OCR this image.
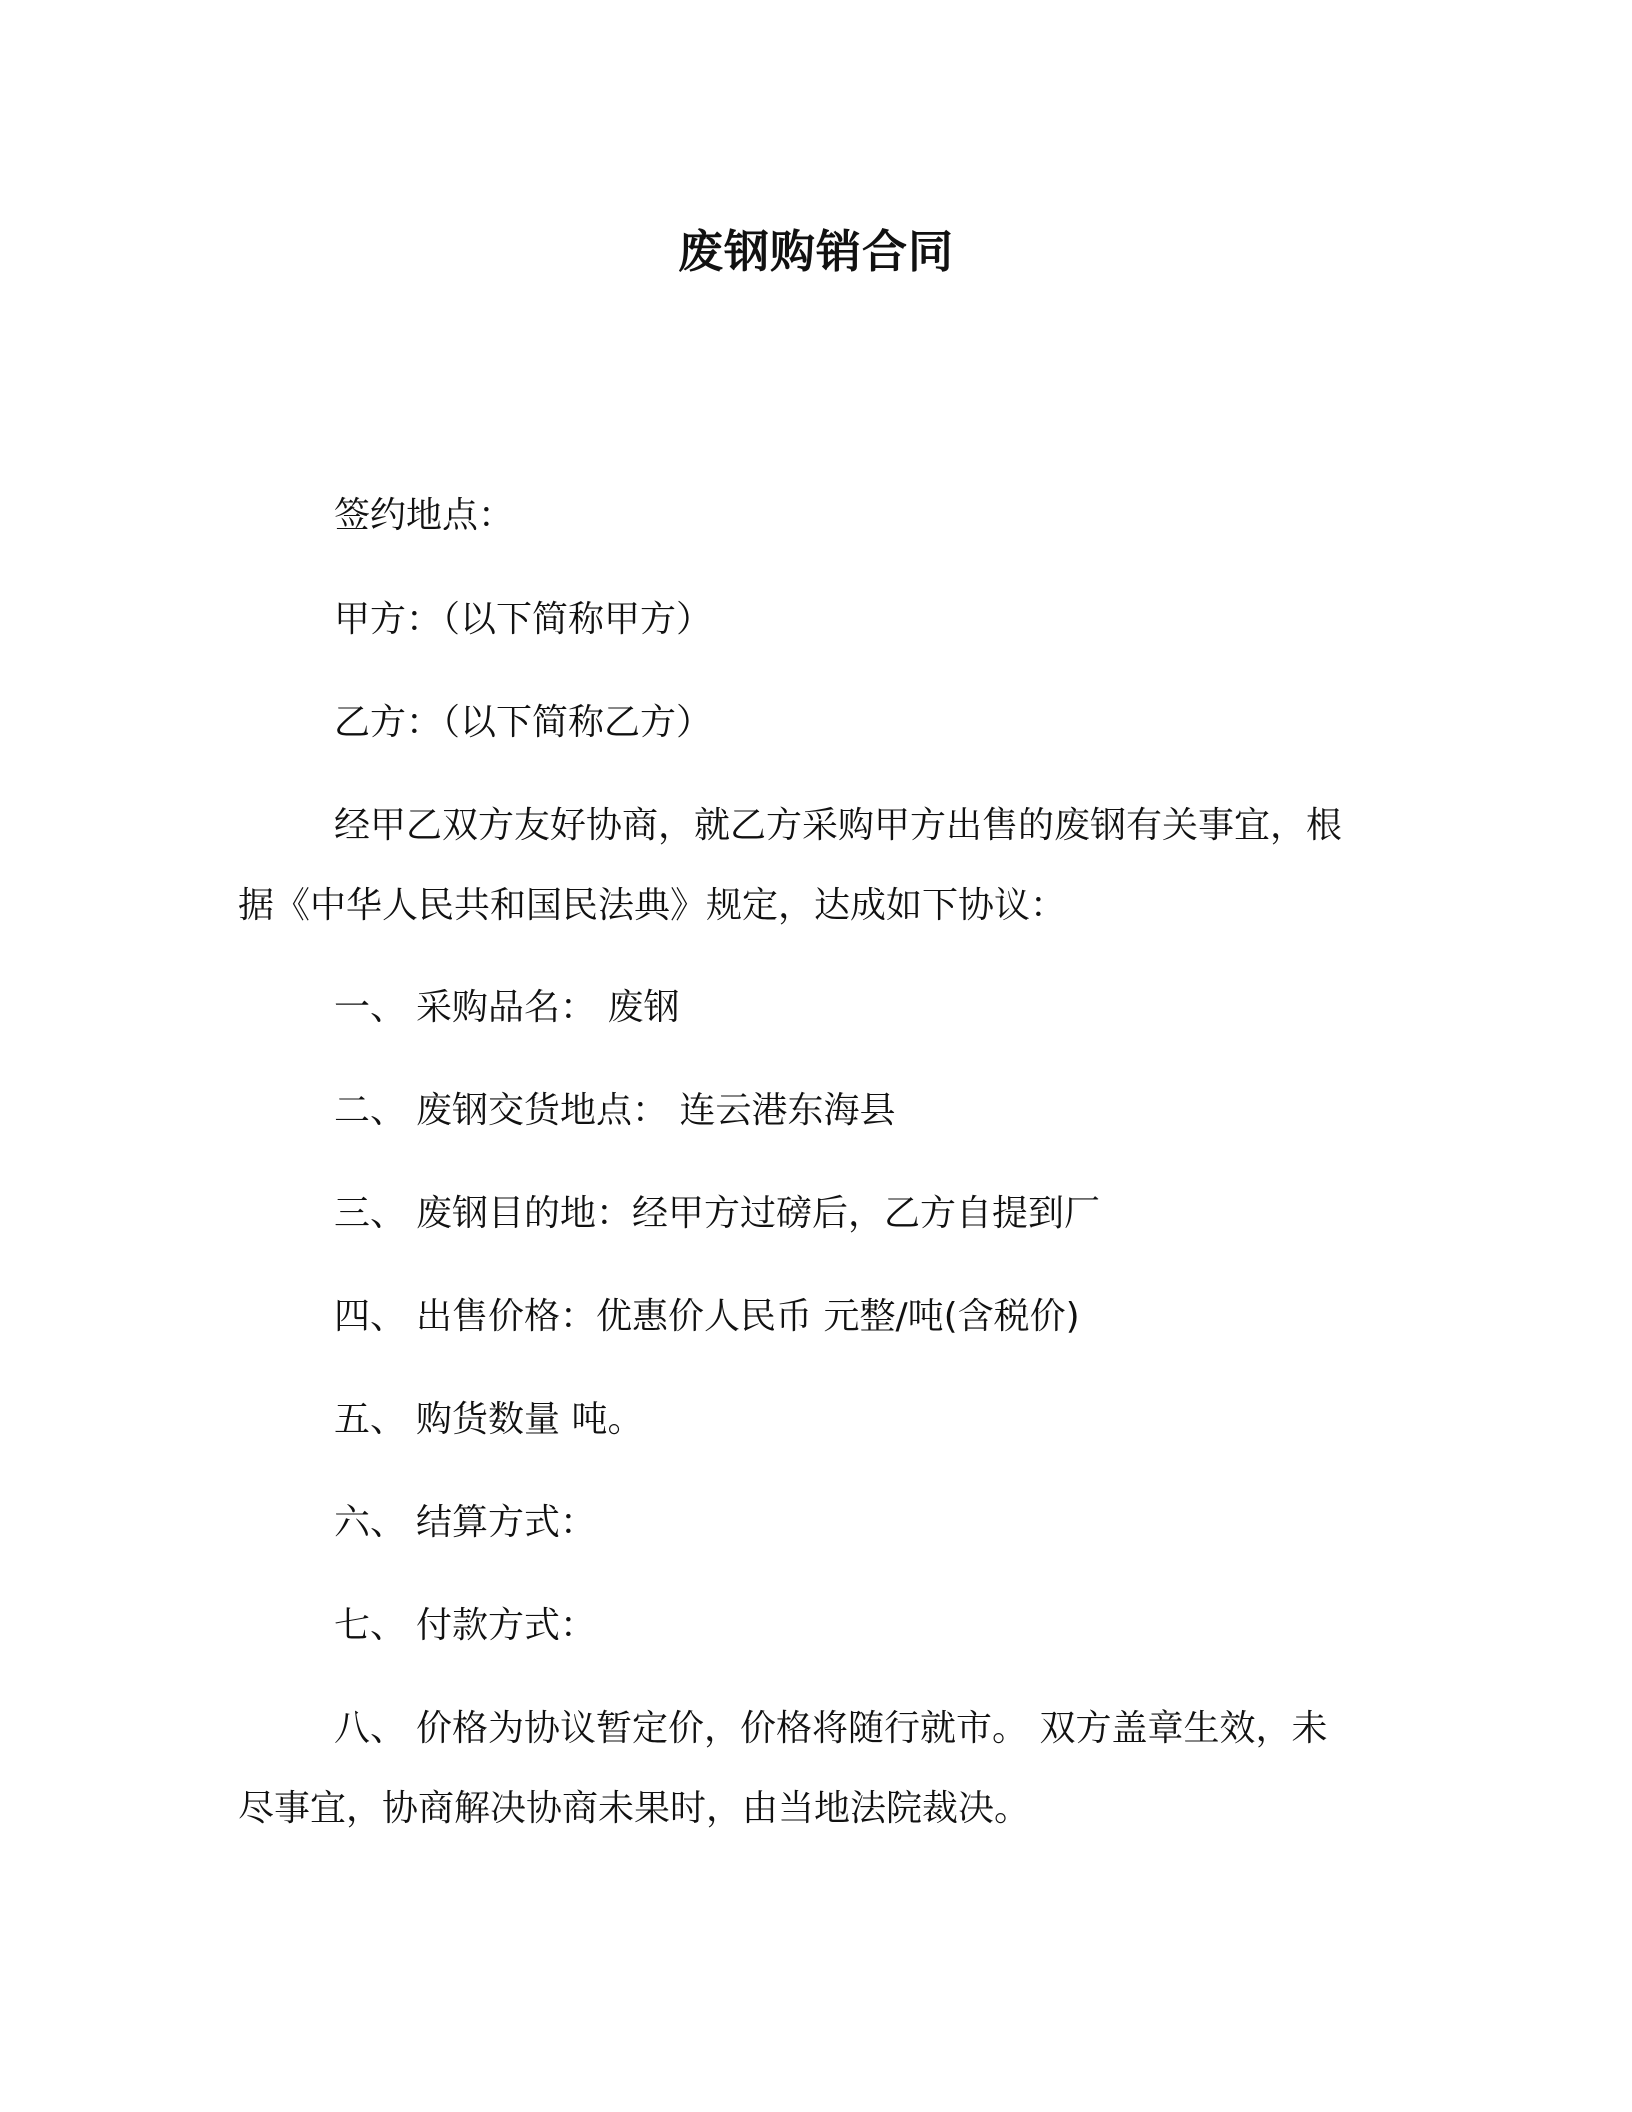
废钢购销合同

签约地点：

甲方：（以下简称甲方）

乙方：（以下简称乙方）

经甲乙双方友好协商，就乙方采购甲方出售的废钢有关事宜，根
据《中华人民共和国民法典》规定，达成如下协议：

一、 采购品名： 废钢

二、 废钢交货地点： 连云港东海县

三、 废钢目的地：经甲方过磅后，乙方自提到厂

四、 出售价格：优惠价人民币 元整/吨(含税价)

五、 购货数量 吨。

六、 结算方式：

七、 付款方式：

八、 价格为协议暂定价，价格将随行就市。 双方盖章生效，未
尽事宜，协商解决协商未果时，由当地法院裁决。
